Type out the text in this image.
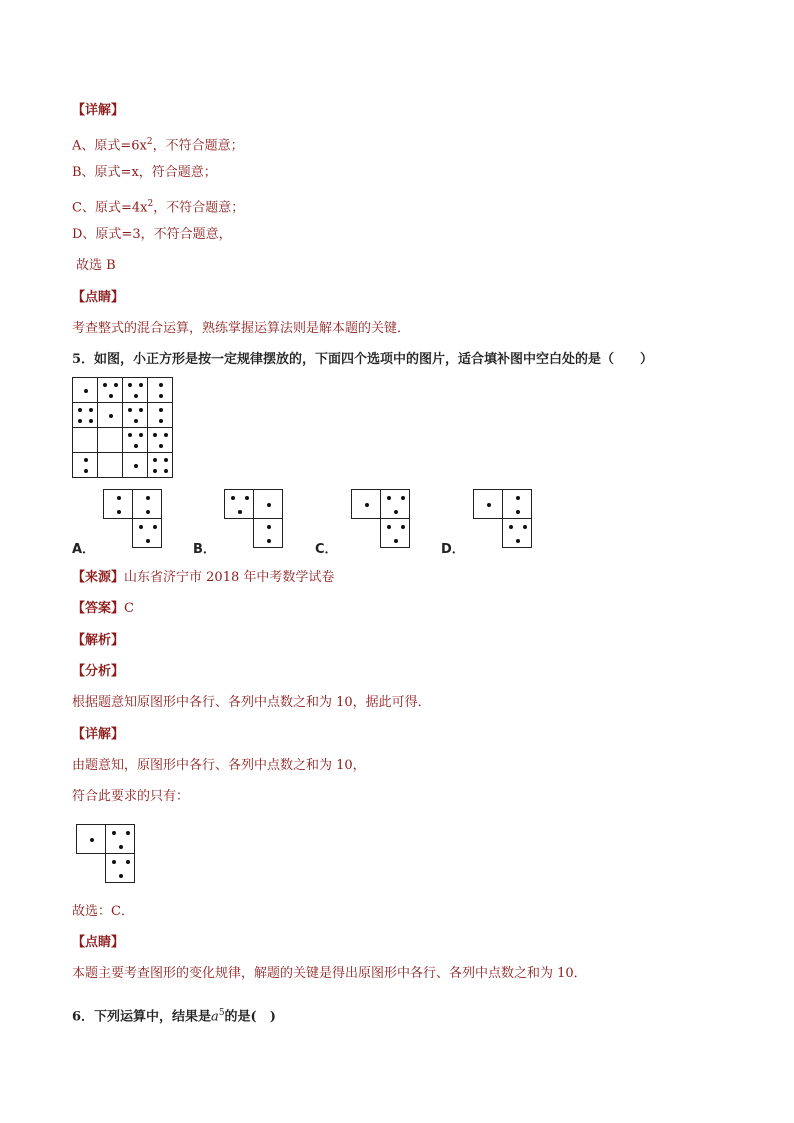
【详解】
A、原式$=6x^2$，不符合题意；
B、原式=x，符合题意；
C、原式$=4x^2$，不符合题意；
D、原式=3，不符合题意，
故选 B
【点睛】
考查整式的混合运算，熟练掌握运算法则是解本题的关键．
5．如图，小正方形是按一定规律摆放的，下面四个选项中的图片，适合填补图中空白处的是（　　）
A．	B．	C．	D．
【来源】山东省济宁市 2018 年中考数学试卷
【答案】C
【解析】
【分析】
根据题意知原图形中各行、各列中点数之和为 10，据此可得．
【详解】
由题意知，原图形中各行、各列中点数之和为 10，
符合此要求的只有：
故选：C．
【点睛】
本题主要考查图形的变化规律，解题的关键是得出原图形中各行、各列中点数之和为 10．
6．下列运算中，结果是$a^5$的是(　)
